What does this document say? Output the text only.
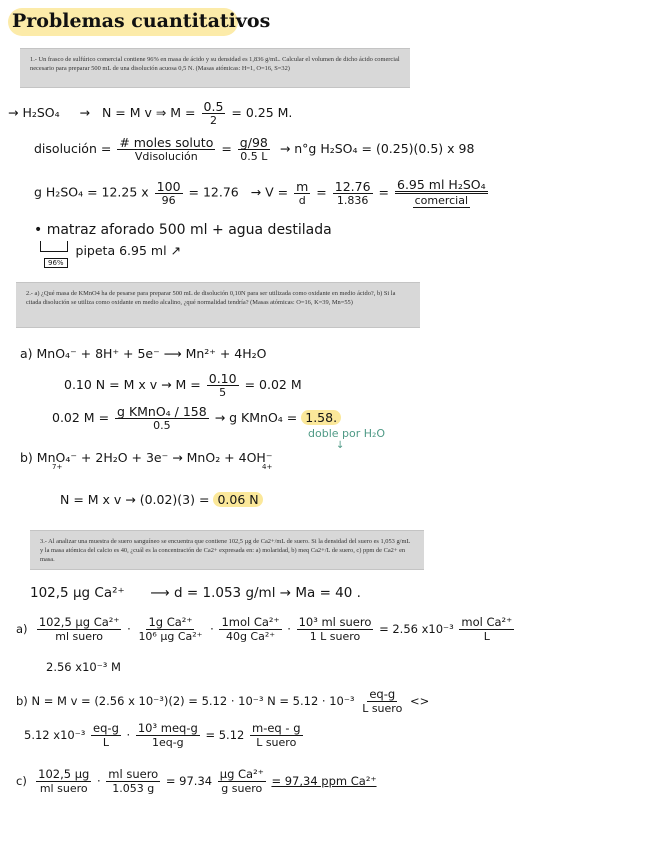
Problemas cuantitativos
1.- Un frasco de sulfúrico comercial contiene 96% en masa de ácido y su densidad es 1,836 g/mL. Calcular el volumen de dicho ácido comercial necesario para preparar 500 mL de una disolución acuosa 0,5 N. (Masas atómicas: H=1, O=16, S=32)
→ H₂SO₄ → N = M v ⇒ $M = \frac{0.5}{2} = 0.25$ M.
disolución = $\frac{\text{\# moles soluto}}{\text{Vdisolución}} = \frac{g/98}{0.5 L} \to n^\circ g$ H₂SO₄ = (0.25)(0.5) x 98
g H₂SO₄ = 12.25 x $\frac{100}{96} = 12.76 \to V = \frac{m}{d} = \frac{12.76}{1.836} = \frac{\text{6.95 ml H₂SO₄}}{\text{comercial}}$
• matraz aforado 500 ml + agua destilada
96%  pipeta 6.95 ml ↗
2.- a) ¿Qué masa de KMnO4 ha de pesarse para preparar 500 mL de disolución 0,10N para ser utilizada como oxidante en medio ácido?, b) Si la citada disolución se utiliza como oxidante en medio alcalino, ¿qué normalidad tendría? (Masas atómicas: O=16, K=39, Mn=55)
a) MnO₄⁻ + 8H⁺ + 5e⁻ ⟶ Mn²⁺ + 4H₂O
0.10 N = M x $v \to M = \frac{0.10}{5} = 0.02$ M
0.02 $M = \frac{\text{g KMnO₄ / 158}}{0.5} \to g$ KMnO₄ = 1.58.
doble por H₂O
↓
b) MnO₄⁻ + 2H₂O + 3e⁻ → MnO₂ + 4OH⁻
7+	4+
N = M x v → (0.02)(3) = 0.06 N
3.- Al analizar una muestra de suero sanguíneo se encuentra que contiene 102,5 µg de Ca2+/mL de suero. Si la densidad del suero es 1,053 g/mL y la masa atómica del calcio es 40, ¿cuál es la concentración de Ca2+ expresada en: a) molaridad, b) meq Ca2+/L de suero, c) ppm de Ca2+ en masa.
102,5 µg Ca²⁺ ⟶ d = 1.053 g/ml → Ma = 40 .
$a) \frac{\text{102,5 µg Ca²⁺}}{\text{ml suero}} \cdot \frac{\text{1g Ca²⁺}}{\text{10⁶ µg Ca²⁺}} \cdot \frac{\text{1mol Ca²⁺}}{\text{40g Ca²⁺}} \cdot \frac{\text{10³ ml suero}}{\text{1 L suero}} = 2.56$ $x10^{-3} \frac{\text{mol Ca²⁺}}{L}$
2.56 x10⁻³ M
b) N = M v = (2.56 x 10⁻³)(2) = 5.12 · 10⁻³ $N = 5.12 \cdot 10^{-3} \frac{eq-g}{\text{L suero}}$ <>
5.12 $x10^{-3} \frac{eq-g}{L} \cdot \frac{\text{10³ meq-g}}{1eq-g} = 5.12 \frac{m-eq - g}{\text{L suero}}$
$c) \frac{\text{102,5 µg}}{\text{ml suero}} \cdot \frac{\text{ml suero}}{1.053 g} = 97.34 \frac{\text{µg Ca²⁺}}{\text{g suero}} = 97,34$ ppm Ca²⁺
